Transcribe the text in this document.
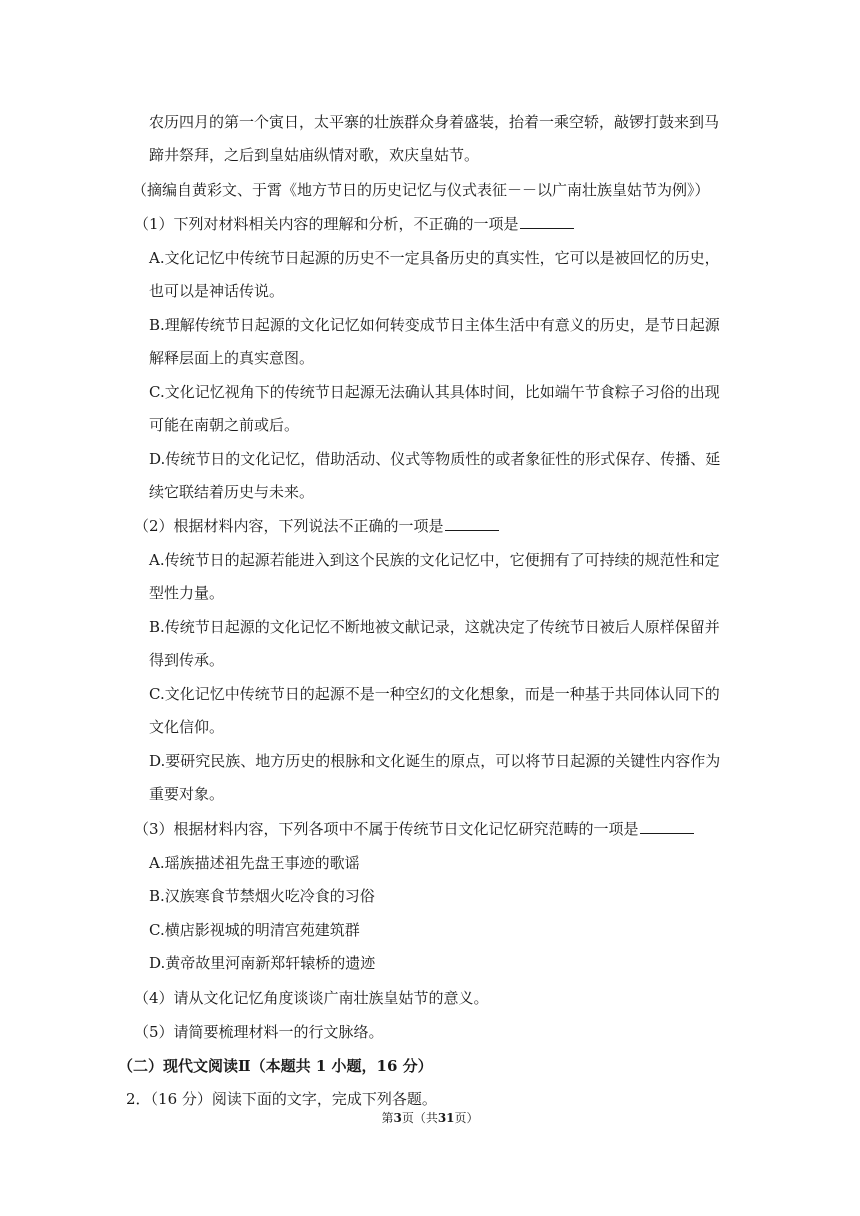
农历四月的第一个寅日，太平寨的壮族群众身着盛装，抬着一乘空轿，敲锣打鼓来到马
蹄井祭拜，之后到皇姑庙纵情对歌，欢庆皇姑节。
（摘编自黄彩文、于霄《地方节日的历史记忆与仪式表征－－以广南壮族皇姑节为例》）
（1）下列对材料相关内容的理解和分析，不正确的一项是
A.文化记忆中传统节日起源的历史不一定具备历史的真实性，它可以是被回忆的历史，
也可以是神话传说。
B.理解传统节日起源的文化记忆如何转变成节日主体生活中有意义的历史，是节日起源
解释层面上的真实意图。
C.文化记忆视角下的传统节日起源无法确认其具体时间，比如端午节食粽子习俗的出现
可能在南朝之前或后。
D.传统节日的文化记忆，借助活动、仪式等物质性的或者象征性的形式保存、传播、延
续它联结着历史与未来。
（2）根据材料内容，下列说法不正确的一项是
A.传统节日的起源若能进入到这个民族的文化记忆中，它便拥有了可持续的规范性和定
型性力量。
B.传统节日起源的文化记忆不断地被文献记录，这就决定了传统节日被后人原样保留并
得到传承。
C.文化记忆中传统节日的起源不是一种空幻的文化想象，而是一种基于共同体认同下的
文化信仰。
D.要研究民族、地方历史的根脉和文化诞生的原点，可以将节日起源的关键性内容作为
重要对象。
（3）根据材料内容，下列各项中不属于传统节日文化记忆研究范畴的一项是
A.瑶族描述祖先盘王事迹的歌谣
B.汉族寒食节禁烟火吃冷食的习俗
C.横店影视城的明清宫苑建筑群
D.黄帝故里河南新郑轩辕桥的遗迹
（4）请从文化记忆角度谈谈广南壮族皇姑节的意义。
（5）请简要梳理材料一的行文脉络。
（二）现代文阅读Ⅱ（本题共 1 小题，16 分）
2．（16 分）阅读下面的文字，完成下列各题。
第3页（共31页）
